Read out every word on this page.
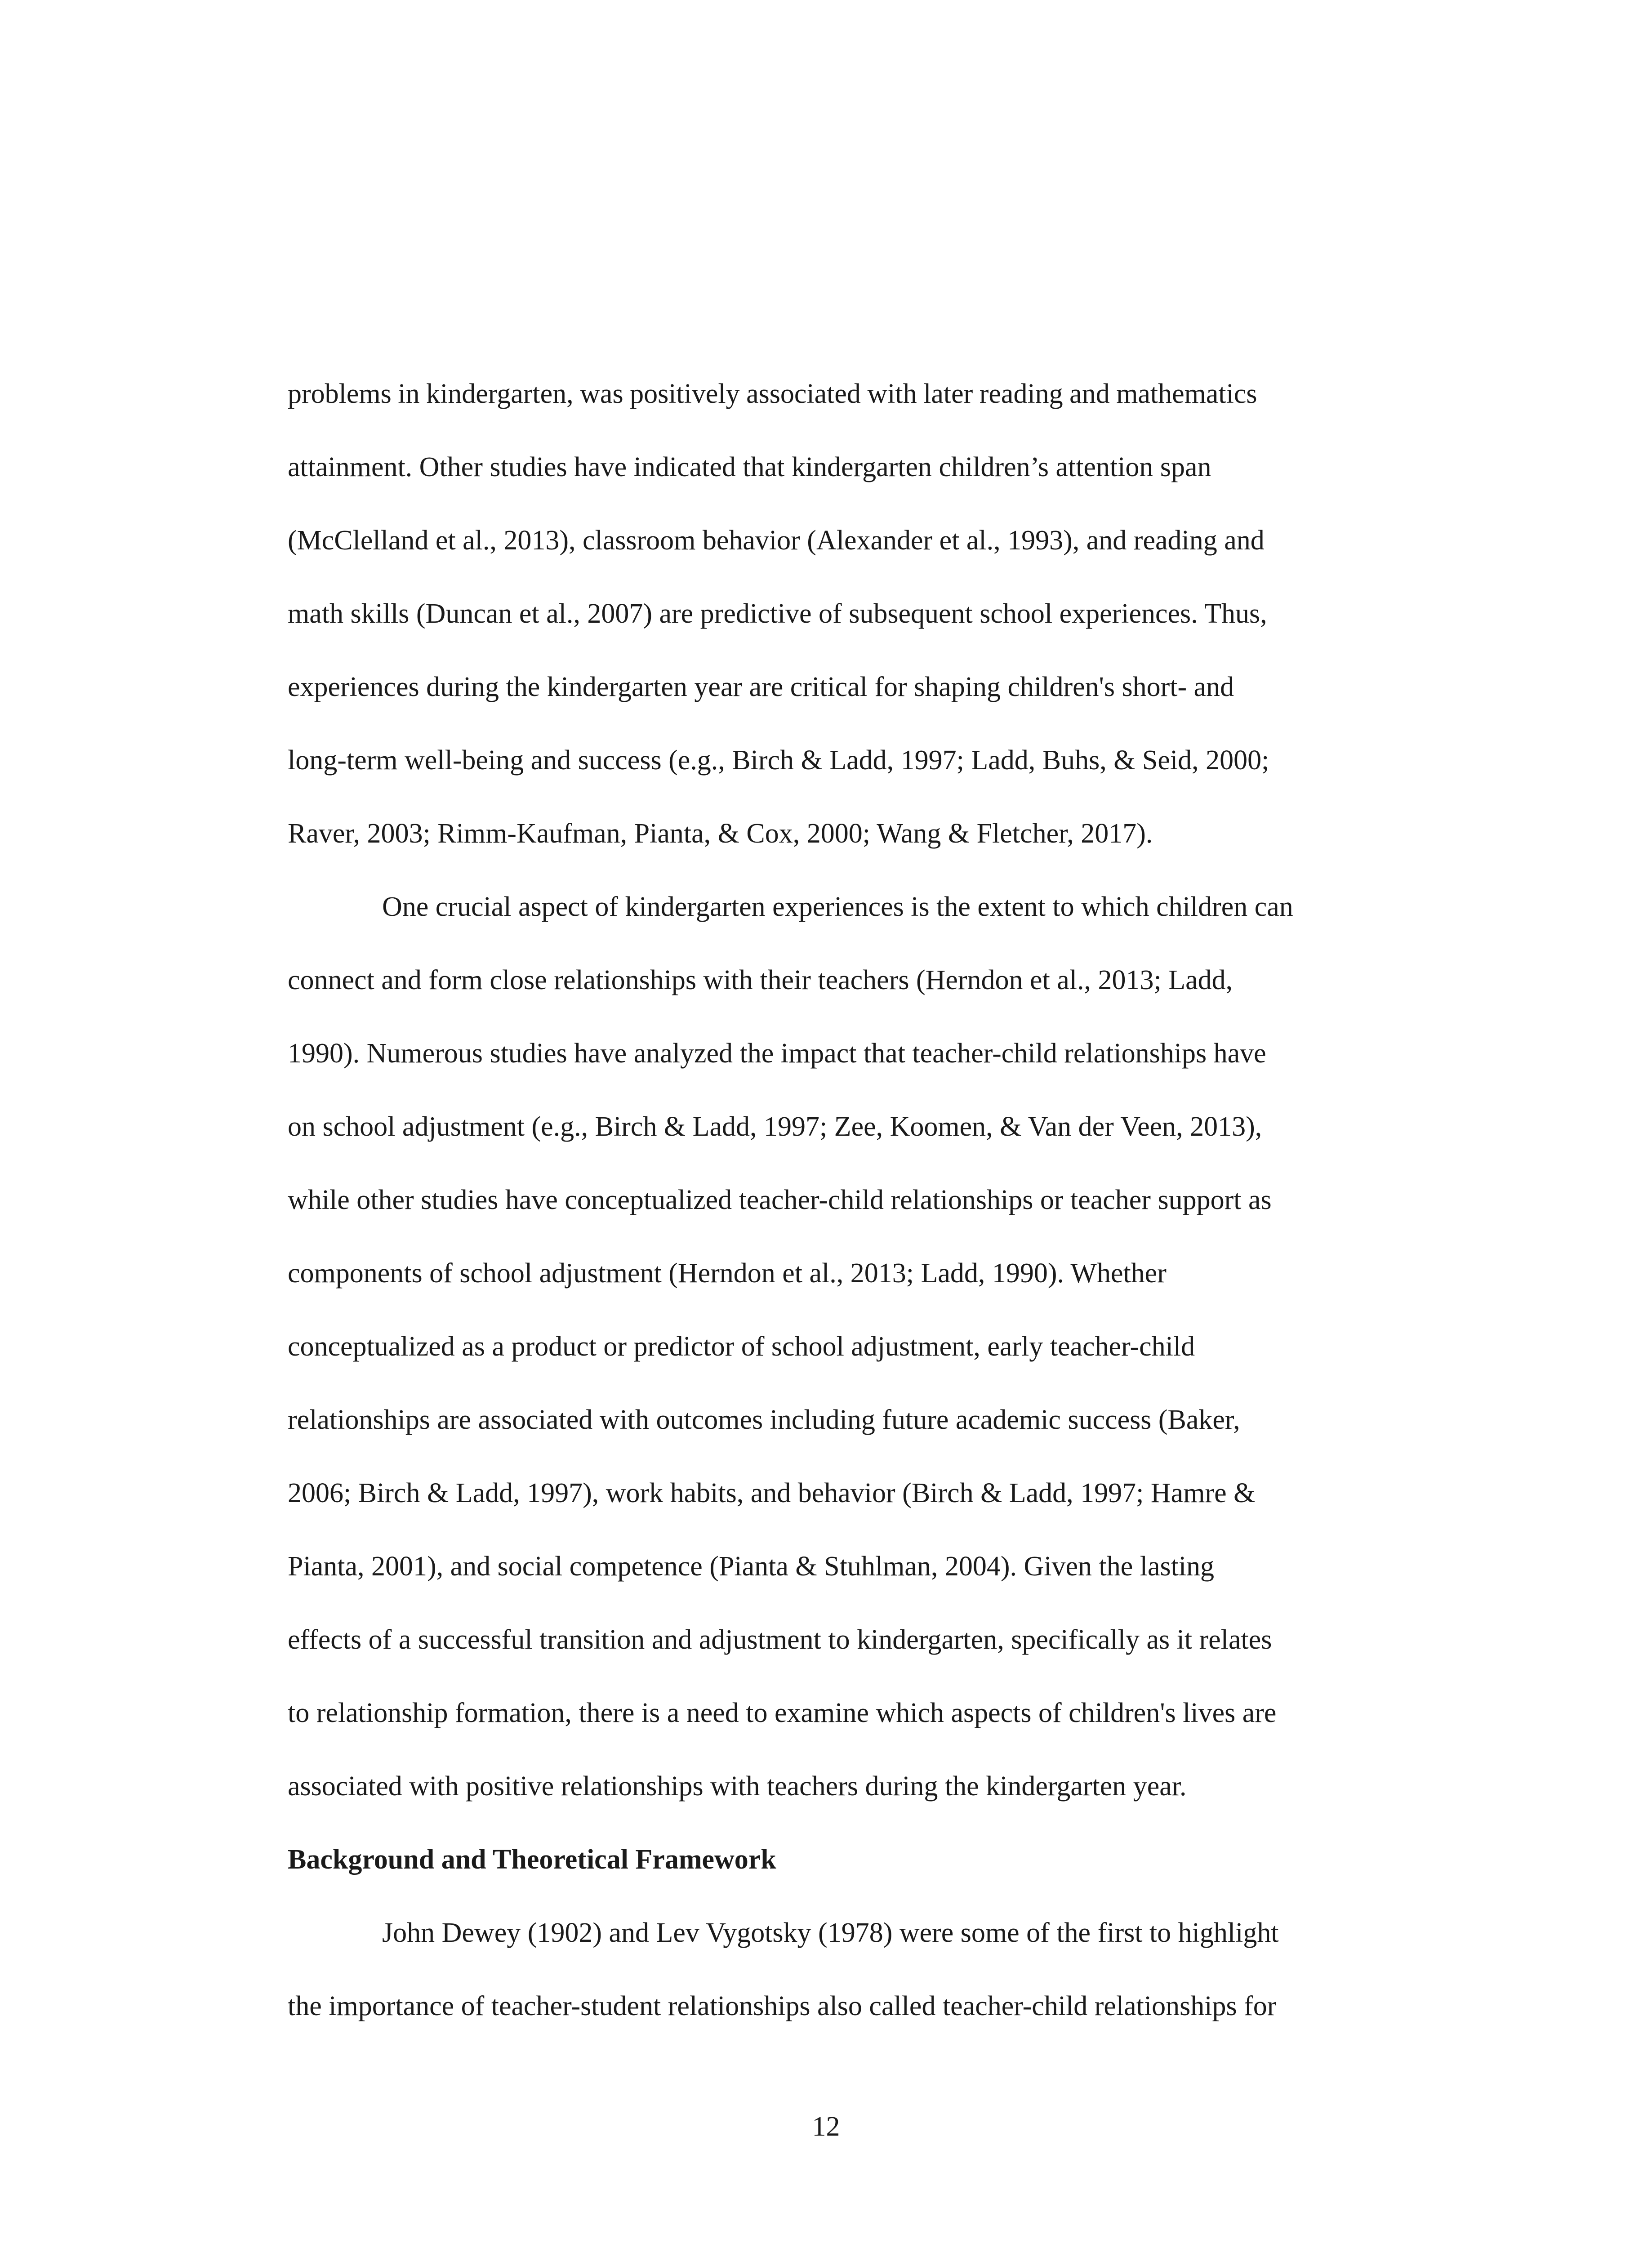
problems in kindergarten, was positively associated with later reading and mathematics
attainment. Other studies have indicated that kindergarten children’s attention span
(McClelland et al., 2013), classroom behavior (Alexander et al., 1993), and reading and
math skills (Duncan et al., 2007) are predictive of subsequent school experiences. Thus,
experiences during the kindergarten year are critical for shaping children's short- and
long-term well-being and success (e.g., Birch & Ladd, 1997; Ladd, Buhs, & Seid, 2000;
Raver, 2003; Rimm-Kaufman, Pianta, & Cox, 2000; Wang & Fletcher, 2017).
One crucial aspect of kindergarten experiences is the extent to which children can
connect and form close relationships with their teachers (Herndon et al., 2013; Ladd,
1990). Numerous studies have analyzed the impact that teacher-child relationships have
on school adjustment (e.g., Birch & Ladd, 1997; Zee, Koomen, & Van der Veen, 2013),
while other studies have conceptualized teacher-child relationships or teacher support as
components of school adjustment (Herndon et al., 2013; Ladd, 1990). Whether
conceptualized as a product or predictor of school adjustment, early teacher-child
relationships are associated with outcomes including future academic success (Baker,
2006; Birch & Ladd, 1997), work habits, and behavior (Birch & Ladd, 1997; Hamre &
Pianta, 2001), and social competence (Pianta & Stuhlman, 2004). Given the lasting
effects of a successful transition and adjustment to kindergarten, specifically as it relates
to relationship formation, there is a need to examine which aspects of children's lives are
associated with positive relationships with teachers during the kindergarten year.
Background and Theoretical Framework
John Dewey (1902) and Lev Vygotsky (1978) were some of the first to highlight
the importance of teacher-student relationships also called teacher-child relationships for
12
